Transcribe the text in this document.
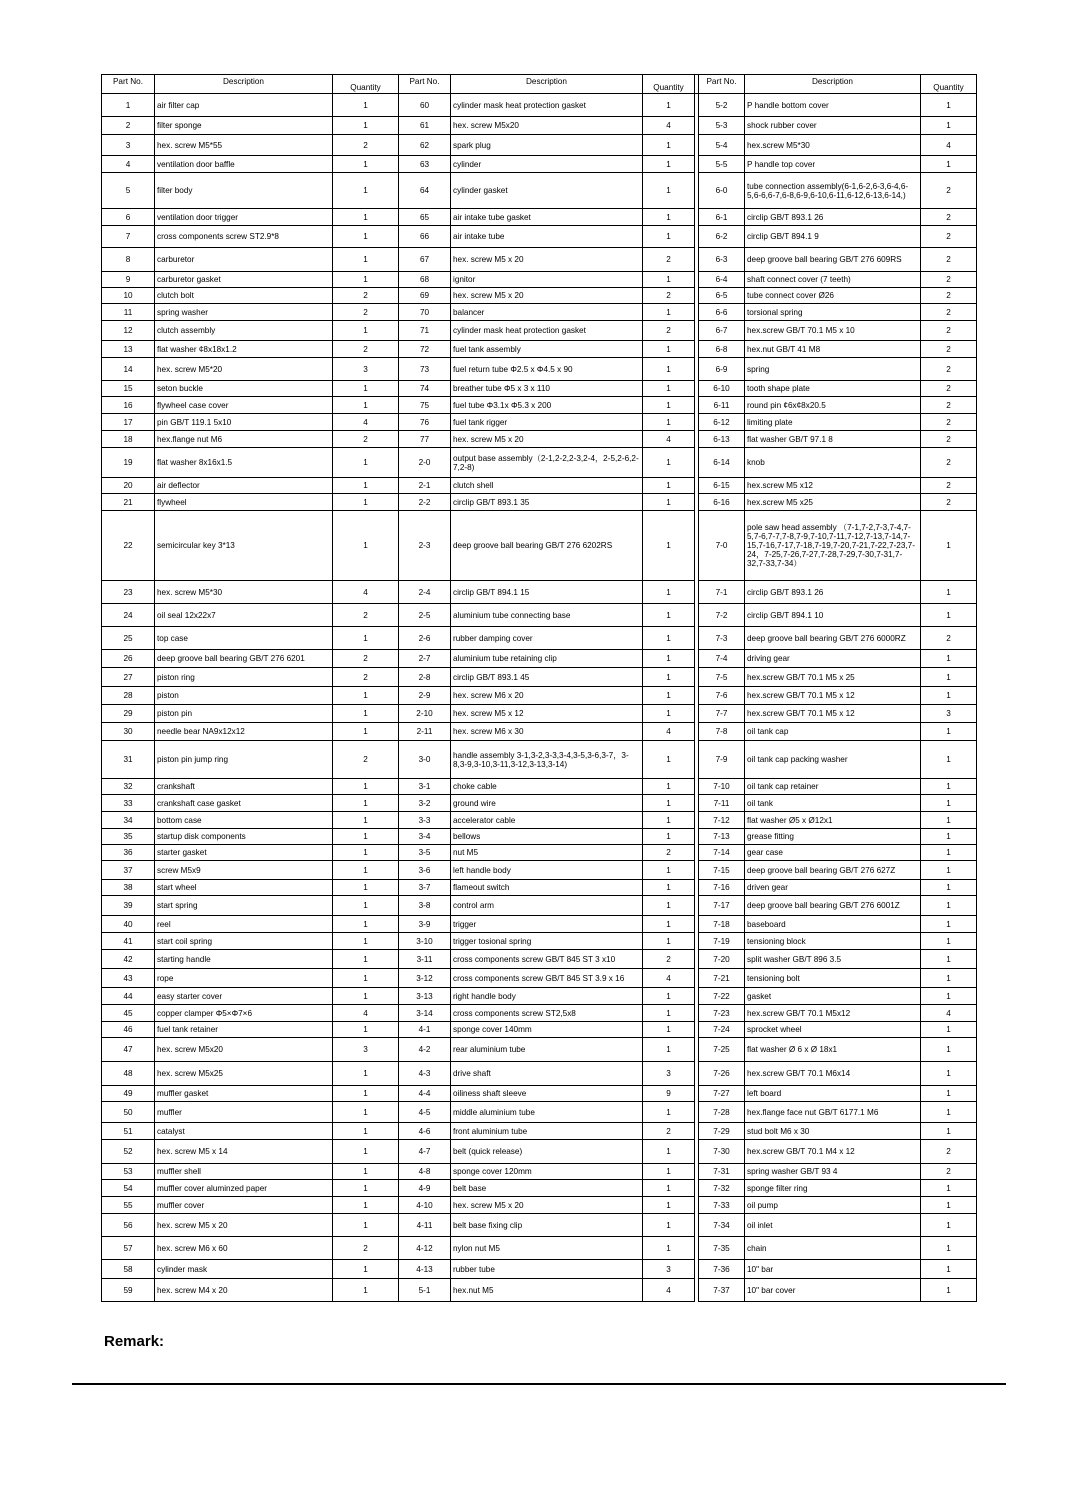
Part No.	Description	Quantity	Part No.	Description	Quantity		Part No.	Description	Quantity
1	air filter cap	1	60	cylinder mask heat protection gasket	1		5-2	P handle bottom cover	1
2	filter sponge	1	61	hex. screw M5x20	4		5-3	shock rubber cover	1
3	hex. screw M5*55	2	62	spark plug	1		5-4	hex.screw M5*30	4
4	ventilation door baffle	1	63	cylinder	1		5-5	P handle top cover	1
5	filter body	1	64	cylinder gasket	1		6-0	tube connection assembly(6-1,6-2,6-3,6-4,6-5,6-6,6-7,6-8,6-9,6-10,6-11,6-12,6-13,6-14,)	2
6	ventilation door trigger	1	65	air intake tube gasket	1		6-1	circlip GB/T 893.1 26	2
7	cross components screw ST2.9*8	1	66	air intake tube	1		6-2	circlip GB/T 894.1 9	2
8	carburetor	1	67	hex. screw M5 x 20	2		6-3	deep groove ball bearing GB/T 276 609RS	2
9	carburetor gasket	1	68	ignitor	1		6-4	shaft connect cover (7 teeth)	2
10	clutch bolt	2	69	hex. screw M5 x 20	2		6-5	tube connect cover Ø26	2
11	spring washer	2	70	balancer	1		6-6	torsional spring	2
12	clutch assembly	1	71	cylinder mask heat protection gasket	2		6-7	hex.screw GB/T 70.1 M5 x 10	2
13	flat washer ¢8x18x1.2	2	72	fuel tank assembly	1		6-8	hex.nut GB/T 41 M8	2
14	hex. screw M5*20	3	73	fuel return tube Φ2.5 x Φ4.5 x 90	1		6-9	spring	2
15	seton buckle	1	74	breather tube Φ5 x 3 x 110	1		6-10	tooth shape plate	2
16	flywheel case cover	1	75	fuel tube Φ3.1x Φ5.3 x 200	1		6-11	round pin ¢6x¢8x20.5	2
17	pin GB/T 119.1 5x10	4	76	fuel tank rigger	1		6-12	limiting plate	2
18	hex.flange nut M6	2	77	hex. screw M5 x 20	4		6-13	flat washer GB/T 97.1 8	2
19	flat washer 8x16x1.5	1	2-0	output base assembly（2-1,2-2,2-3,2-4，2-5,2-6,2-7,2-8)	1		6-14	knob	2
20	air deflector	1	2-1	clutch shell	1		6-15	hex.screw M5 x12	2
21	flywheel	1	2-2	circlip GB/T 893.1 35	1		6-16	hex.screw M5 x25	2
22	semicircular key 3*13	1	2-3	deep groove ball bearing GB/T 276 6202RS	1		7-0	pole saw head assembly （7-1,7-2,7-3,7-4,7-5,7-6,7-7,7-8,7-9,7-10,7-11,7-12,7-13,7-14,7-15,7-16,7-17,7-18,7-19,7-20,7-21,7-22,7-23,7-24，7-25,7-26,7-27,7-28,7-29,7-30,7-31,7-32,7-33,7-34）	1
23	hex. screw M5*30	4	2-4	circlip GB/T 894.1 15	1		7-1	circlip GB/T 893.1 26	1
24	oil seal 12x22x7	2	2-5	aluminium tube connecting base	1		7-2	circlip GB/T 894.1 10	1
25	top case	1	2-6	rubber damping cover	1		7-3	deep groove ball bearing GB/T 276 6000RZ	2
26	deep groove ball bearing GB/T 276 6201	2	2-7	aluminium tube retaining clip	1		7-4	driving gear	1
27	piston ring	2	2-8	circlip GB/T 893.1 45	1		7-5	hex.screw GB/T 70.1 M5 x 25	1
28	piston	1	2-9	hex. screw M6 x 20	1		7-6	hex.screw GB/T 70.1 M5 x 12	1
29	piston pin	1	2-10	hex. screw M5 x 12	1		7-7	hex.screw GB/T 70.1 M5 x 12	3
30	needle bear NA9x12x12	1	2-11	hex. screw M6 x 30	4		7-8	oil tank cap	1
31	piston pin jump ring	2	3-0	handle assembly 3-1,3-2,3-3,3-4,3-5,3-6,3-7，3-8,3-9,3-10,3-11,3-12,3-13,3-14)	1		7-9	oil tank cap packing washer	1
32	crankshaft	1	3-1	choke cable	1		7-10	oil tank cap retainer	1
33	crankshaft case gasket	1	3-2	ground wire	1		7-11	oil tank	1
34	bottom case	1	3-3	accelerator cable	1		7-12	flat washer Ø5 x Ø12x1	1
35	startup disk components	1	3-4	bellows	1		7-13	grease fitting	1
36	starter gasket	1	3-5	nut M5	2		7-14	gear case	1
37	screw M5x9	1	3-6	left handle body	1		7-15	deep groove ball bearing GB/T 276 627Z	1
38	start wheel	1	3-7	flameout switch	1		7-16	driven gear	1
39	start spring	1	3-8	control arm	1		7-17	deep groove ball bearing GB/T 276 6001Z	1
40	reel	1	3-9	trigger	1		7-18	baseboard	1
41	start coil spring	1	3-10	trigger tosional spring	1		7-19	tensioning block	1
42	starting handle	1	3-11	cross components screw GB/T 845 ST 3 x10	2		7-20	split washer GB/T 896 3.5	1
43	rope	1	3-12	cross components screw GB/T 845 ST 3.9 x 16	4		7-21	tensioning bolt	1
44	easy starter cover	1	3-13	right handle body	1		7-22	gasket	1
45	copper clamper Φ5×Φ7×6	4	3-14	cross components screw ST2,5x8	1		7-23	hex.screw GB/T 70.1 M5x12	4
46	fuel tank retainer	1	4-1	sponge cover 140mm	1		7-24	sprocket wheel	1
47	hex. screw M5x20	3	4-2	rear aluminium tube	1		7-25	flat washer Ø 6 x Ø 18x1	1
48	hex. screw M5x25	1	4-3	drive shaft	3		7-26	hex.screw GB/T 70.1 M6x14	1
49	muffler gasket	1	4-4	oiliness shaft sleeve	9		7-27	left board	1
50	muffler	1	4-5	middle aluminium tube	1		7-28	hex.flange face nut GB/T 6177.1 M6	1
51	catalyst	1	4-6	front aluminium tube	2		7-29	stud bolt M6 x 30	1
52	hex. screw M5 x 14	1	4-7	belt (quick release)	1		7-30	hex.screw GB/T 70.1 M4 x 12	2
53	muffler shell	1	4-8	sponge cover 120mm	1		7-31	spring washer GB/T 93 4	2
54	muffler cover aluminzed paper	1	4-9	belt base	1		7-32	sponge filter ring	1
55	muffler cover	1	4-10	hex. screw M5 x 20	1		7-33	oil pump	1
56	hex. screw M5 x 20	1	4-11	belt base fixing clip	1		7-34	oil inlet	1
57	hex. screw M6 x 60	2	4-12	nylon nut M5	1		7-35	chain	1
58	cylinder mask	1	4-13	rubber tube	3		7-36	10" bar	1
59	hex. screw M4 x 20	1	5-1	hex.nut M5	4		7-37	10" bar cover	1
Remark:
